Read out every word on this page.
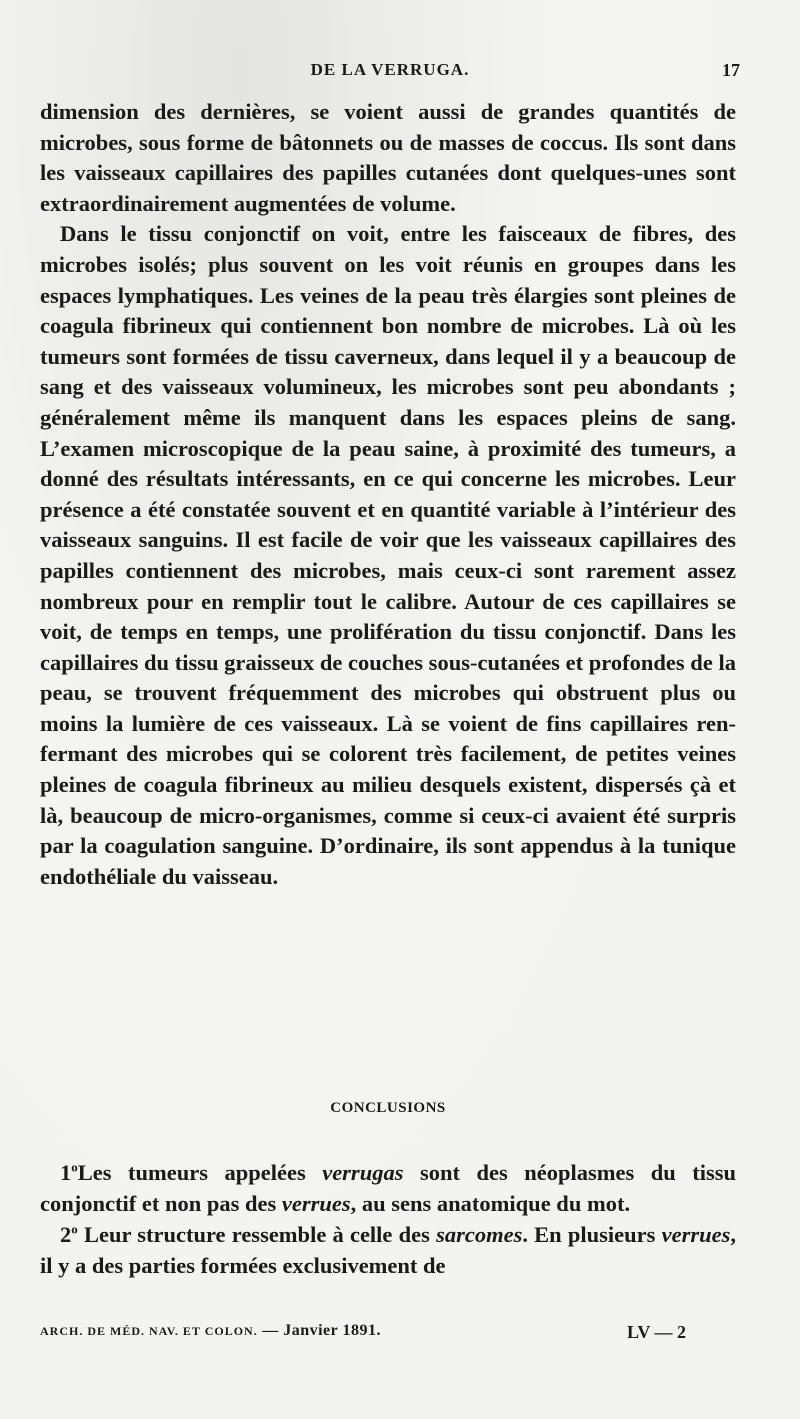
DE LA VERRUGA.	17

dimension des dernières, se voient aussi de grandes quantités de microbes, sous forme de bâtonnets ou de masses de coccus. Ils sont dans les vaisseaux capillaires des papilles cutanées dont quelques-unes sont extraordinairement augmentées de volume.

Dans le tissu conjonctif on voit, entre les faisceaux de fibres, des microbes isolés; plus souvent on les voit réunis en groupes dans les espaces lymphatiques. Les veines de la peau très élargies sont pleines de coagula fibrineux qui contiennent bon nombre de microbes. Là où les tumeurs sont formées de tissu caverneux, dans lequel il y a beaucoup de sang et des vaisseaux volumineux, les microbes sont peu abondants ; généralement même ils manquent dans les espaces pleins de sang. L’examen microscopique de la peau saine, à proximité des tumeurs, a donné des résultats intéressants, en ce qui concerne les microbes. Leur présence a été constatée souvent et en quantité variable à l’intérieur des vaisseaux sanguins. Il est facile de voir que les vaisseaux capillaires des papilles contiennent des microbes, mais ceux-ci sont rarement assez nombreux pour en remplir tout le calibre. Autour de ces capillaires se voit, de temps en temps, une prolifération du tissu conjonctif. Dans les capillaires du tissu graisseux de couches sous-cutanées et profondes de la peau, se trouvent fréquemment des microbes qui obstruent plus ou moins la lumière de ces vaisseaux. Là se voient de fins capillaires renfermant des microbes qui se colorent très facilement, de petites veines pleines de coagula fibrineux au milieu desquels existent, dispersés çà et là, beaucoup de micro-organismes, comme si ceux-ci avaient été surpris par la coagulation sanguine. D’ordinaire, ils sont appendus à la tunique endothéliale du vaisseau.

CONCLUSIONS

1$^o$Les tumeurs appelées verrugas sont des néoplasmes du tissu conjonctif et non pas des verrues, au sens anatomique du mot.

2$^o$ Leur structure ressemble à celle des sarcomes. En plusieurs verrues, il y a des parties formées exclusivement de

ARCH. DE MÉD. NAV. ET COLON. — Janvier 1891.	LV — 2
